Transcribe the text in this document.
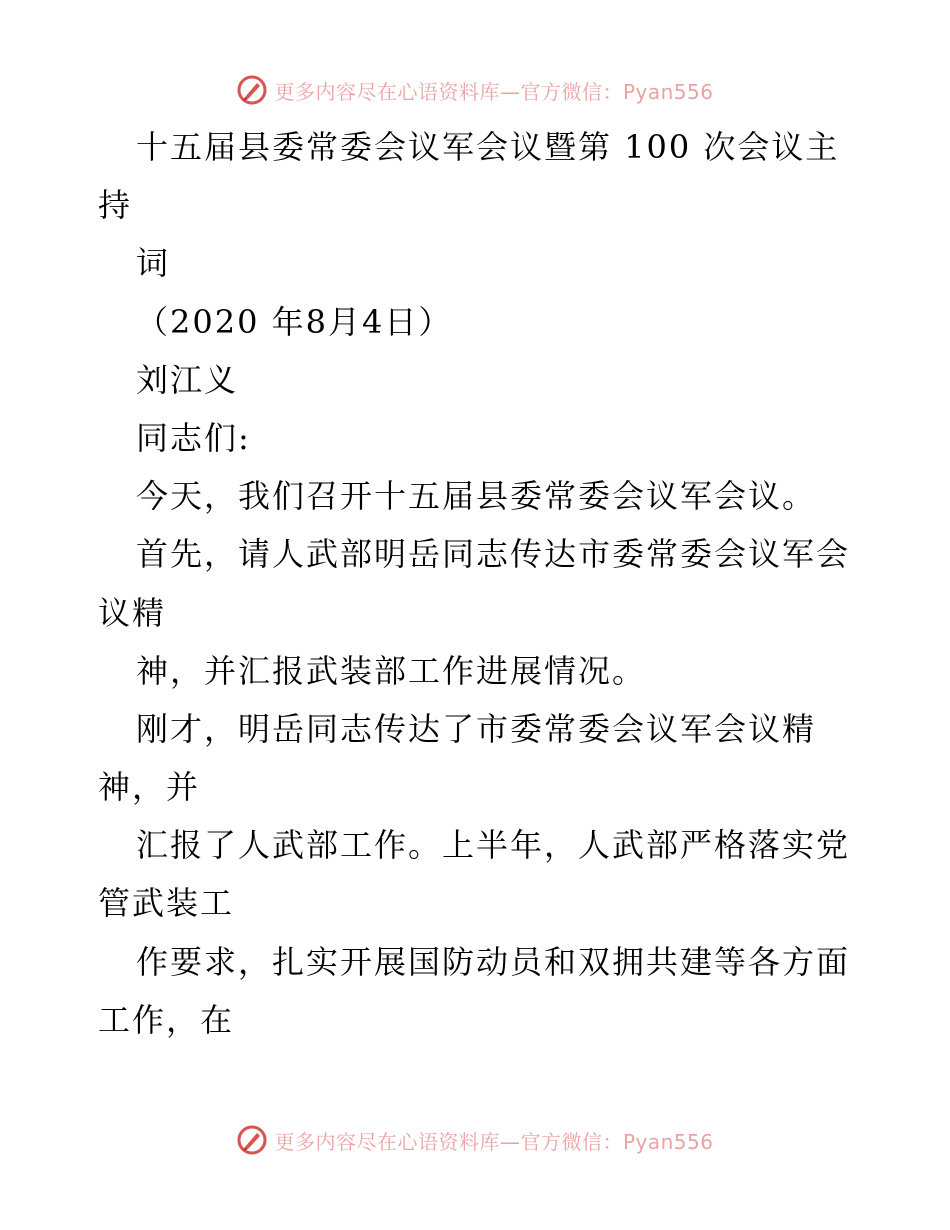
更多内容尽在心语资料库—官方微信：Pyan556
十五届县委常委会议军会议暨第 100 次会议主
持
词
（2020 年8月4日）
刘江义
同志们:
今天，我们召开十五届县委常委会议军会议。
首先，请人武部明岳同志传达市委常委会议军会
议精
神，并汇报武装部工作进展情况。
刚才，明岳同志传达了市委常委会议军会议精
神，并
汇报了人武部工作。上半年，人武部严格落实党
管武装工
作要求，扎实开展国防动员和双拥共建等各方面
工作，在
更多内容尽在心语资料库—官方微信：Pyan556
